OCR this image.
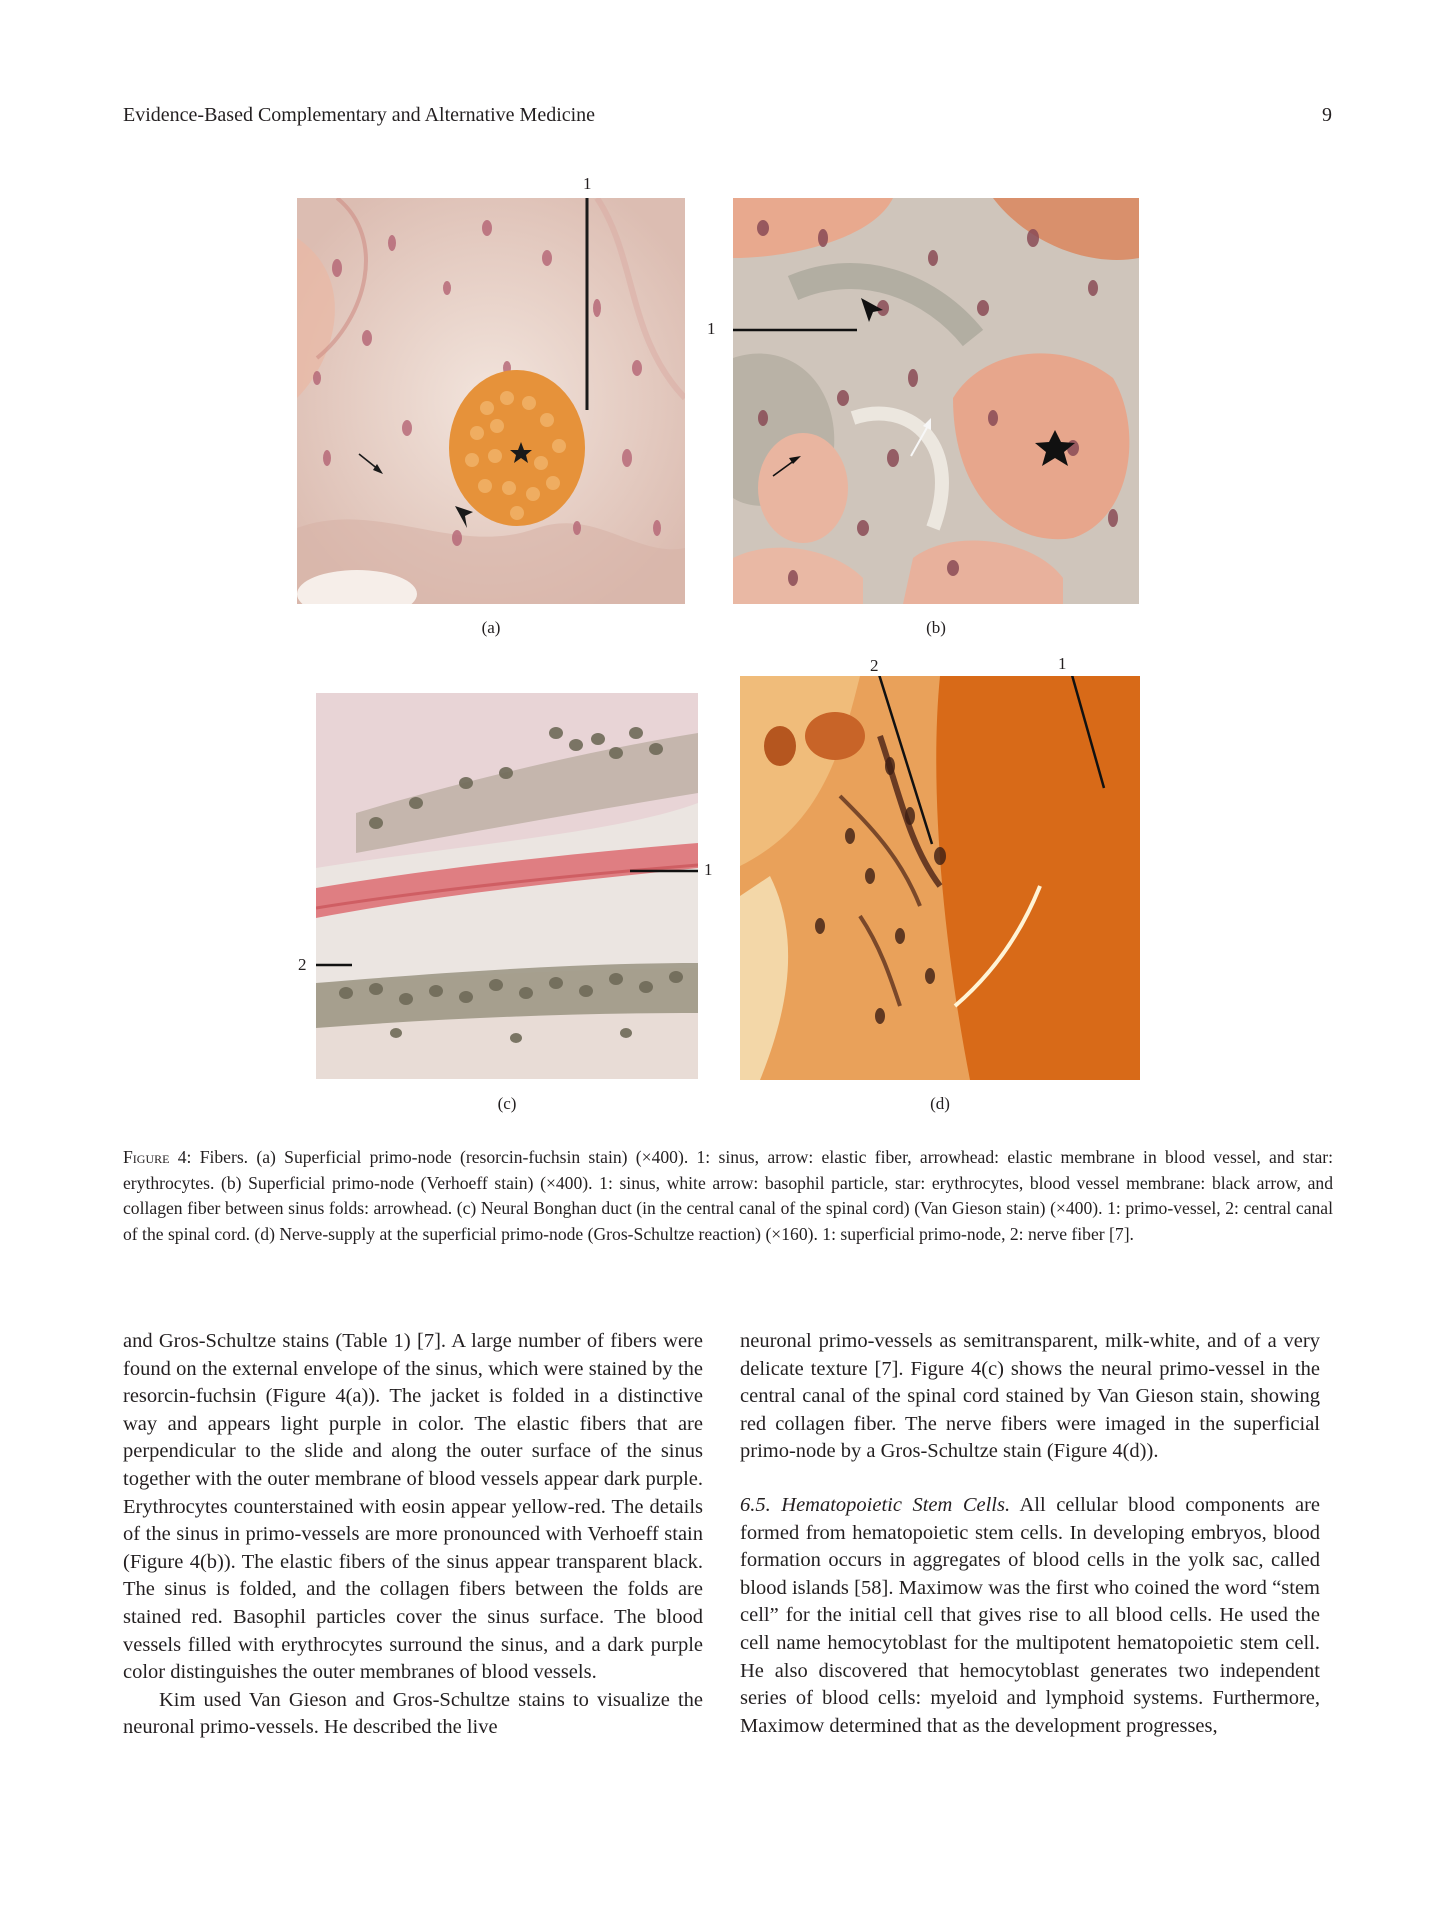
Evidence-Based Complementary and Alternative Medicine	9
1
(a)
1
(b)
1
2
(c)
2	1
(d)
Figure 4: Fibers. (a) Superficial primo-node (resorcin-fuchsin stain) (×400). 1: sinus, arrow: elastic fiber, arrowhead: elastic membrane in blood vessel, and star: erythrocytes. (b) Superficial primo-node (Verhoeff stain) (×400). 1: sinus, white arrow: basophil particle, star: erythrocytes, blood vessel membrane: black arrow, and collagen fiber between sinus folds: arrowhead. (c) Neural Bonghan duct (in the central canal of the spinal cord) (Van Gieson stain) (×400). 1: primo-vessel, 2: central canal of the spinal cord. (d) Nerve-supply at the superficial primo-node (Gros-Schultze reaction) (×160). 1: superficial primo-node, 2: nerve fiber [7].

and Gros-Schultze stains (Table 1) [7]. A large number of fibers were found on the external envelope of the sinus, which were stained by the resorcin-fuchsin (Figure 4(a)). The jacket is folded in a distinctive way and appears light purple in color. The elastic fibers that are perpendicular to the slide and along the outer surface of the sinus together with the outer membrane of blood vessels appear dark purple. Erythrocytes counterstained with eosin appear yellow-red. The details of the sinus in primo-vessels are more pronounced with Verhoeff stain (Figure 4(b)). The elastic fibers of the sinus appear transparent black. The sinus is folded, and the collagen fibers between the folds are stained red. Basophil particles cover the sinus surface. The blood vessels filled with erythrocytes surround the sinus, and a dark purple color distinguishes the outer membranes of blood vessels.

Kim used Van Gieson and Gros-Schultze stains to visualize the neuronal primo-vessels. He described the live

neuronal primo-vessels as semitransparent, milk-white, and of a very delicate texture [7]. Figure 4(c) shows the neural primo-vessel in the central canal of the spinal cord stained by Van Gieson stain, showing red collagen fiber. The nerve fibers were imaged in the superficial primo-node by a Gros-Schultze stain (Figure 4(d)).

6.5. Hematopoietic Stem Cells. All cellular blood components are formed from hematopoietic stem cells. In developing embryos, blood formation occurs in aggregates of blood cells in the yolk sac, called blood islands [58]. Maximow was the first who coined the word “stem cell” for the initial cell that gives rise to all blood cells. He used the cell name hemocytoblast for the multipotent hematopoietic stem cell. He also discovered that hemocytoblast generates two independent series of blood cells: myeloid and lymphoid systems. Furthermore, Maximow determined that as the development progresses,
